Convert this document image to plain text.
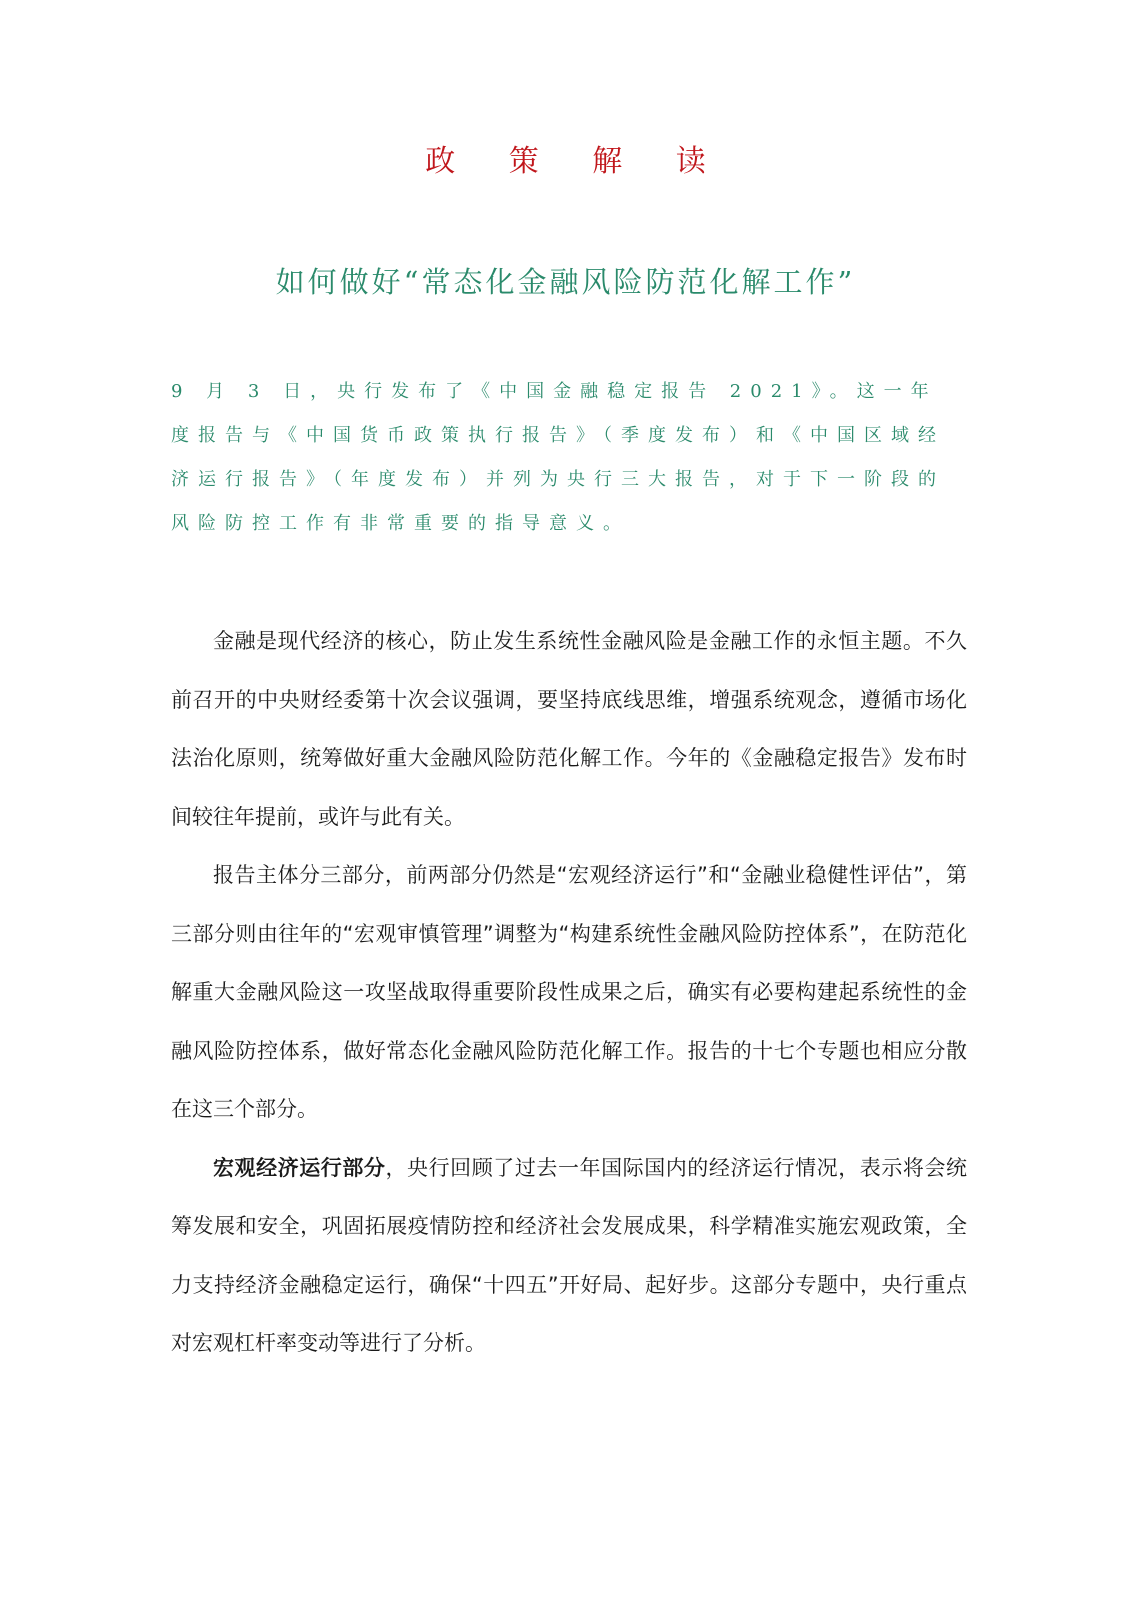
政 策 解 读
如何做好“常态化金融风险防范化解工作”

9 月 3 日，央行发布了《中国金融稳定报告 2021》。这一年度报告与《中国货币政策执行报告》（季度发布）和《中国区域经济运行报告》（年度发布）并列为央行三大报告，对于下一阶段的风险防控工作有非常重要的指导意义。

金融是现代经济的核心，防止发生系统性金融风险是金融工作的永恒主题。不久前召开的中央财经委第十次会议强调，要坚持底线思维，增强系统观念，遵循市场化法治化原则，统筹做好重大金融风险防范化解工作。今年的《金融稳定报告》发布时间较往年提前，或许与此有关。

报告主体分三部分，前两部分仍然是“宏观经济运行”和“金融业稳健性评估”，第三部分则由往年的“宏观审慎管理”调整为“构建系统性金融风险防控体系”，在防范化解重大金融风险这一攻坚战取得重要阶段性成果之后，确实有必要构建起系统性的金融风险防控体系，做好常态化金融风险防范化解工作。报告的十七个专题也相应分散在这三个部分。

宏观经济运行部分，央行回顾了过去一年国际国内的经济运行情况，表示将会统筹发展和安全，巩固拓展疫情防控和经济社会发展成果，科学精准实施宏观政策，全力支持经济金融稳定运行，确保“十四五”开好局、起好步。这部分专题中，央行重点对宏观杠杆率变动等进行了分析。
